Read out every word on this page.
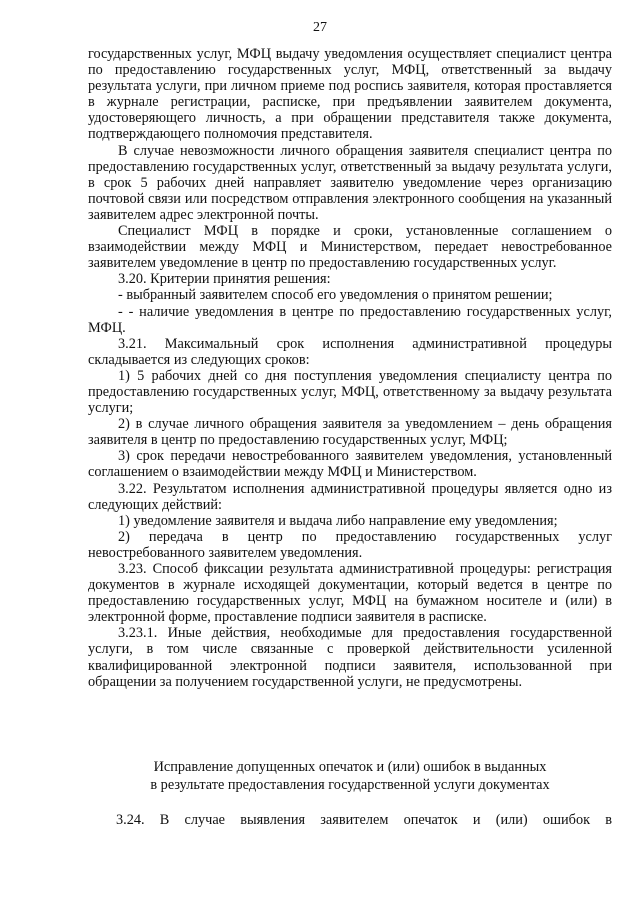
27

государственных услуг, МФЦ выдачу уведомления осуществляет специалист центра по предоставлению государственных услуг, МФЦ, ответственный за выдачу результата услуги, при личном приеме под роспись заявителя, которая проставляется в журнале регистрации, расписке, при предъявлении заявителем документа, удостоверяющего личность, а при обращении представителя также документа, подтверждающего полномочия представителя.

В случае невозможности личного обращения заявителя специалист центра по предоставлению государственных услуг, ответственный за выдачу результата услуги, в срок 5 рабочих дней направляет заявителю уведомление через организацию почтовой связи или посредством отправления электронного сообщения на указанный заявителем адрес электронной почты.

Специалист МФЦ в порядке и сроки, установленные соглашением о взаимодействии между МФЦ и Министерством, передает невостребованное заявителем уведомление в центр по предоставлению государственных услуг.

3.20. Критерии принятия решения:

- выбранный заявителем способ его уведомления о принятом решении;

- - наличие уведомления в центре по предоставлению государственных услуг, МФЦ.

3.21. Максимальный срок исполнения административной процедуры складывается из следующих сроков:

1) 5 рабочих дней со дня поступления уведомления специалисту центра по предоставлению государственных услуг, МФЦ, ответственному за выдачу результата услуги;

2) в случае личного обращения заявителя за уведомлением – день обращения заявителя в центр по предоставлению государственных услуг, МФЦ;

3) срок передачи невостребованного заявителем уведомления, установленный соглашением о взаимодействии между МФЦ и Министерством.

3.22. Результатом исполнения административной процедуры является одно из следующих действий:

1) уведомление заявителя и выдача либо направление ему уведомления;

2) передача в центр по предоставлению государственных услуг невостребованного заявителем уведомления.

3.23. Способ фиксации результата административной процедуры: регистрация документов в журнале исходящей документации, который ведется в центре по предоставлению государственных услуг, МФЦ на бумажном носителе и (или) в электронной форме, проставление подписи заявителя в расписке.

3.23.1. Иные действия, необходимые для предоставления государственной услуги, в том числе связанные с проверкой действительности усиленной квалифицированной электронной подписи заявителя, использованной при обращении за получением государственной услуги, не предусмотрены.

Исправление допущенных опечаток и (или) ошибок в выданных
в результате предоставления государственной услуги документах
3.24. В случае выявления заявителем опечаток и (или) ошибок в
